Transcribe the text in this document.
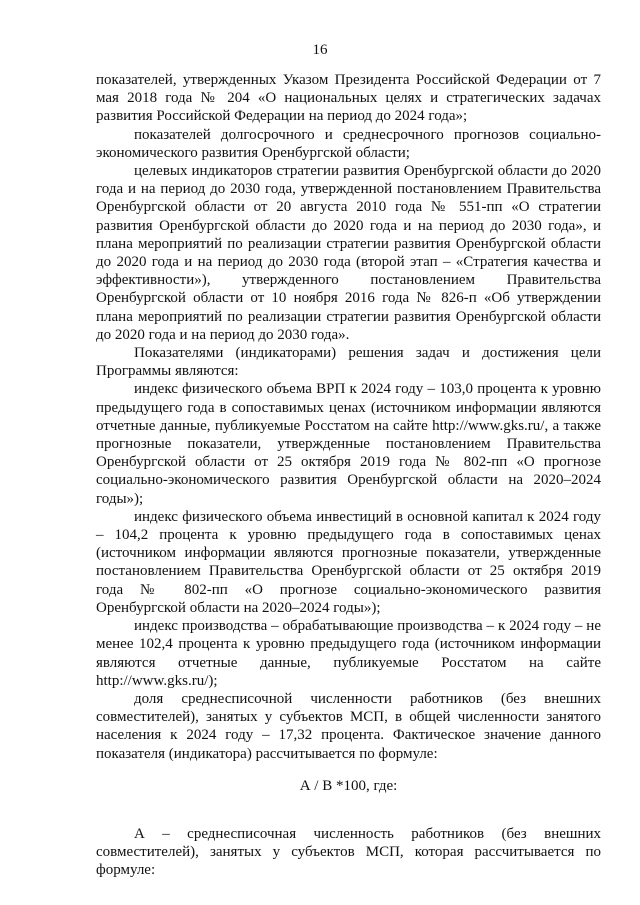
16

показателей, утвержденных Указом Президента Российской Федерации от 7 мая 2018 года № 204 «О национальных целях и стратегических задачах развития Российской Федерации на период до 2024 года»;

показателей долгосрочного и среднесрочного прогнозов социально-экономического развития Оренбургской области;

целевых индикаторов стратегии развития Оренбургской области до 2020 года и на период до 2030 года, утвержденной постановлением Правительства Оренбургской области от 20 августа 2010 года № 551-пп «О стратегии развития Оренбургской области до 2020 года и на период до 2030 года», и плана мероприятий по реализации стратегии развития Оренбургской области до 2020 года и на период до 2030 года (второй этап – «Стратегия качества и эффективности»), утвержденного постановлением Правительства Оренбургской области от 10 ноября 2016 года № 826-п «Об утверждении плана мероприятий по реализации стратегии развития Оренбургской области до 2020 года и на период до 2030 года».

Показателями (индикаторами) решения задач и достижения цели Программы являются:

индекс физического объема ВРП к 2024 году – 103,0 процента к уровню предыдущего года в сопоставимых ценах (источником информации являются отчетные данные, публикуемые Росстатом на сайте http://www.gks.ru/, а также прогнозные показатели, утвержденные постановлением Правительства Оренбургской области от 25 октября 2019 года № 802-пп «О прогнозе социально-экономического развития Оренбургской области на 2020–2024 годы»);

индекс физического объема инвестиций в основной капитал к 2024 году – 104,2 процента к уровню предыдущего года в сопоставимых ценах (источником информации являются прогнозные показатели, утвержденные постановлением Правительства Оренбургской области от 25 октября 2019 года № 802-пп «О прогнозе социально-экономического развития Оренбургской области на 2020–2024 годы»);

индекс производства – обрабатывающие производства – к 2024 году – не менее 102,4 процента к уровню предыдущего года (источником информации являются отчетные данные, публикуемые Росстатом на сайте http://www.gks.ru/);

доля среднесписочной численности работников (без внешних совместителей), занятых у субъектов МСП, в общей численности занятого населения к 2024 году – 17,32 процента. Фактическое значение данного показателя (индикатора) рассчитывается по формуле:

А / В *100, где:

А – среднесписочная численность работников (без внешних совместителей), занятых у субъектов МСП, которая рассчитывается по формуле:
